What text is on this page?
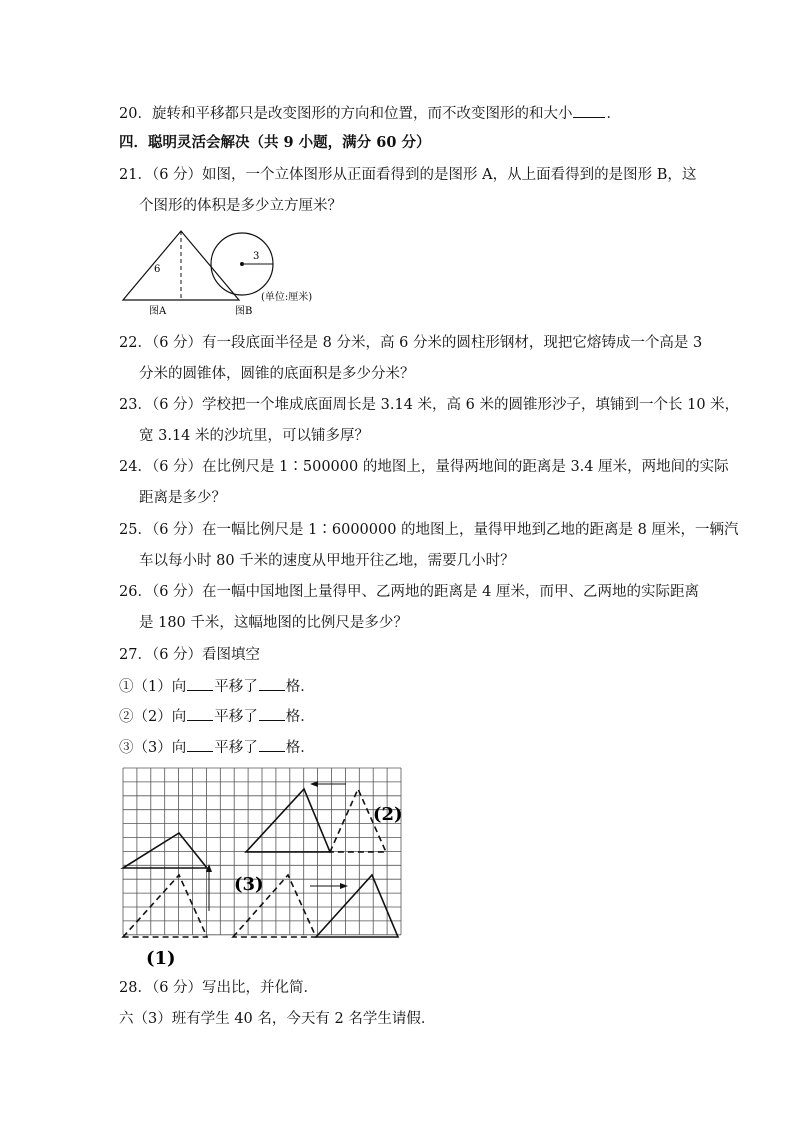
20．旋转和平移都只是改变图形的方向和位置，而不改变图形的和大小 ．
四．聪明灵活会解决（共 9 小题，满分 60 分）
21．（6 分）如图，一个立体图形从正面看得到的是图形 A，从上面看得到的是图形 B，这
个图形的体积是多少立方厘米？
6
图A
3
图B
(单位:厘米)
22．（6 分）有一段底面半径是 8 分米，高 6 分米的圆柱形钢材，现把它熔铸成一个高是 3
分米的圆锥体，圆锥的底面积是多少分米？
23．（6 分）学校把一个堆成底面周长是 3.14 米，高 6 米的圆锥形沙子，填铺到一个长 10 米，
宽 3.14 米的沙坑里，可以铺多厚？
24．（6 分）在比例尺是 1∶500000 的地图上，量得两地间的距离是 3.4 厘米，两地间的实际
距离是多少？
25．（6 分）在一幅比例尺是 1∶6000000 的地图上，量得甲地到乙地的距离是 8 厘米，一辆汽
车以每小时 80 千米的速度从甲地开往乙地，需要几小时？
26．（6 分）在一幅中国地图上量得甲、乙两地的距离是 4 厘米，而甲、乙两地的实际距离
是 180 千米，这幅地图的比例尺是多少？
27．（6 分）看图填空
①（1）向 平移了 格．
②（2）向 平移了 格．
③（3）向 平移了 格．
(2)
(3)
(1)
28．（6 分）写出比，并化简．
六（3）班有学生 40 名，今天有 2 名学生请假．
